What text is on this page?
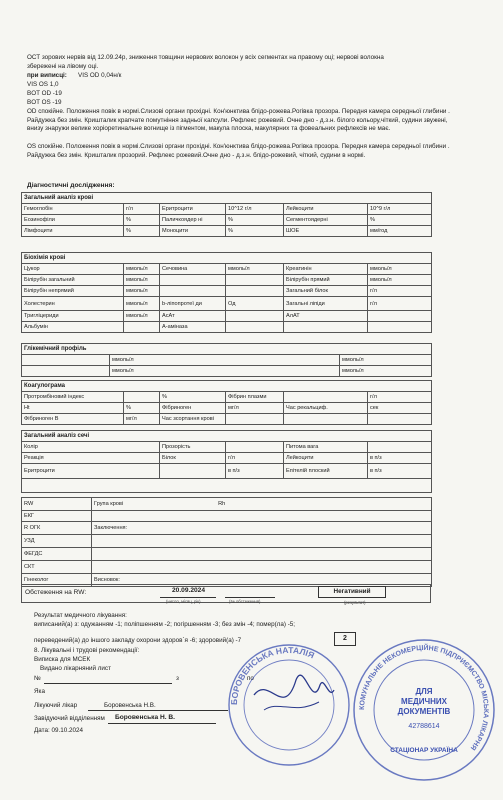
ОСТ зорових нервів від 12.09.24р, зниження товщини нервових волокон у всіх сегментах на правому оці; нервові волокна
збережені на лівому оці.
при виписці: VIS OD 0,04н/к
VIS OS 1,0
BOT OD -19
BOT OS -19
OD спокійне. Положення повік в нормі.Слизові органи прохідні. Кон'юнктива блідо-рожева.Рогівка прозора. Передня камера середньої глибини . Райдужка без змін. Кришталик крапчате помутніння задньої капсули. Рефлекс рожевий. Очне дно - д.з.н. білого кольору,чіткий, судини звужені, внизу знаружи велике хоріоретинальне вогнище із пігментом, макула плоска, макулярних та фовеальних рефлексів не має.
OS спокійне. Положення повік в нормі.Слизові органи прохідні. Кон'юнктива блідо-рожева.Рогівка прозора. Передня камера середньої глибини . Райдужка без змін. Кришталик прозорий. Рефлекс рожевий.Очне дно - д.з.н. блідо-рожевий, чіткий, судини в нормі.
Діагностичні дослідження:
Загальний аналіз крові					
Гемоглобін	г/л	Еритроцити	10^12 г/л	Лейкоцити	10^9 г/л
Еозинофіли	%	Паличкоядер ні	%	Сегментоядерні	%
Лімфоцити	%	Моноцити	%	ШОЕ	мм/год
Біохімія крові					
Цукор	ммоль/л	Сечовина	ммоль/л	Креатинін	ммоль/л
Білірубін загальний	ммоль/л			Білірубін прямий	ммоль/л
Білірубін непрямий	ммоль/л			Загальний білок	г/л
Холестерин	ммоль/л	b-ліпопротеї ди	Од	Загальні ліпіди	г/л
Тригліцериди	ммоль/л	АсАт		АлАТ	
Альбумін		А-аміназа			
Глікемічний профіль		
	ммоль/л	ммоль/л
	ммоль/л	ммоль/л
Коагулограма					
Протромбіновий індекс		%	Фібрин плазми		г/л
Ht	%	Фібриноген	мг/л	Час рекальциф.	сек
Фібриноген В	мг/л	Час зсортання крові			
Загальний аналіз сечі				
Колір	Прозорість		Питома вага	
Реакція	Білок	г/л	Лейкоцити	в п/з
Еритроцити		в п/з	Епітелій плоский	в п/з

RW	Група крові Rh
ЕКГ	
R ОГК	Заключення:
УЗД	
ФЕГДС	
СКТ	
Гінеколог	Висновок:
Обстеження на RW:	20.09.2024	Негативний
(число, місяц, рік)	(№ обстеження)	(результат)
Результат медичного лікування:
виписаний(а) з: одужанням -1; поліпшенням -2; погіршенням -3; без змін -4; помер(ла) -5;
переведений(а) до іншого закладу охорони здоров`я -6; здоровий(а) -7	2
8. Лікувальні і трудові рекомендації:
Виписка для МСЕК
Видано лікарняний лист
№	з	по
Яка
Лікуючий лікар	Боровенська Н.В.
Завідуючий відділенням Боровенська Н. В.
Дата: 09.10.2024
БОРОВЕНСЬКА НАТАЛІЯ
КОМУНАЛЬНЕ НЕКОМЕРЦІЙНЕ ПІДПРИЄМСТВО МІСЬКА ЛІКАРНЯ
ДЛЯ
МЕДИЧНИХ
ДОКУМЕНТІВ
42788614
СТАЦІОНАР УКРАЇНА
